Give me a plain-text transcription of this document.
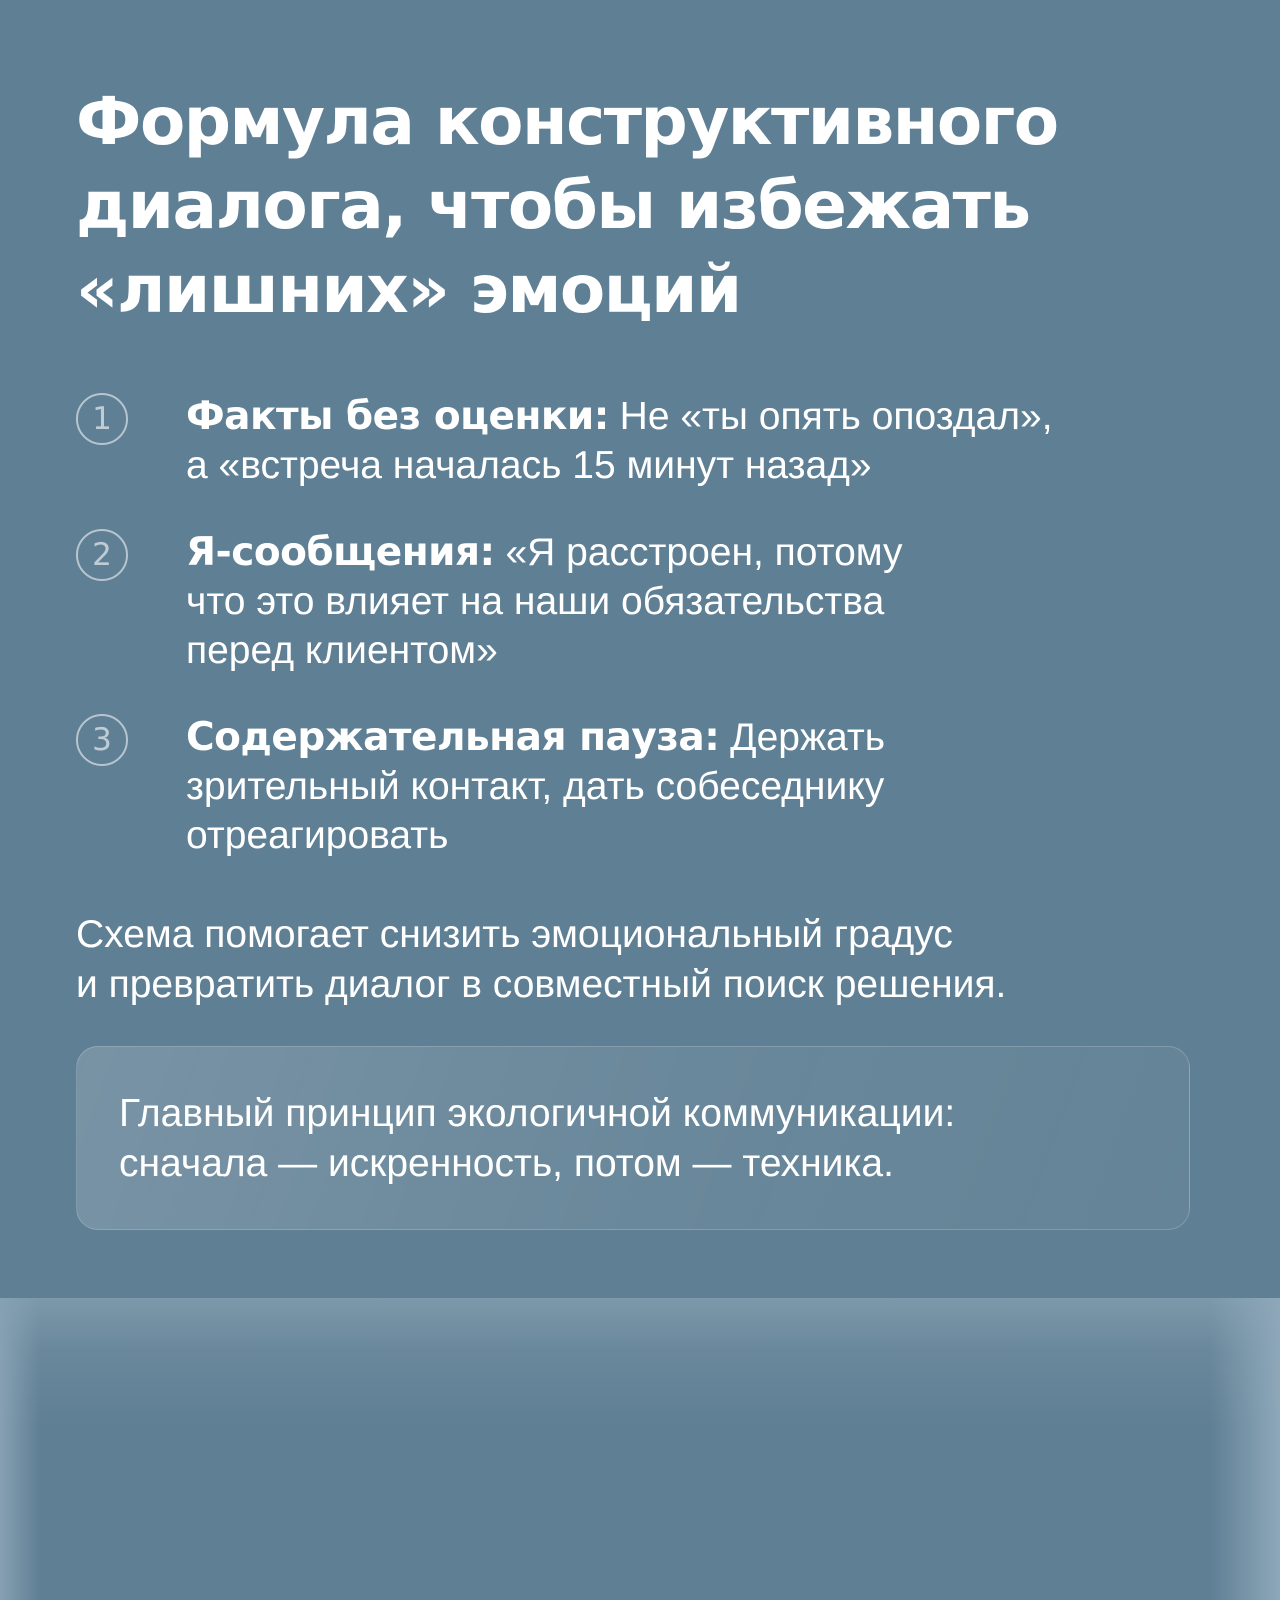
Формула конструктивного
диалога, чтобы избежать
«лишних» эмоций
1	Факты без оценки: Не «ты опять опоздал»,
а «встреча началась 15 минут назад»
2	Я-сообщения: «Я расстроен, потому
что это влияет на наши обязательства
перед клиентом»
3	Содержательная пауза: Держать
зрительный контакт, дать собеседнику
отреагировать
Схема помогает снизить эмоциональный градус
и превратить диалог в совместный поиск решения.
Главный принцип экологичной коммуникации:
сначала — искренность, потом — техника.
